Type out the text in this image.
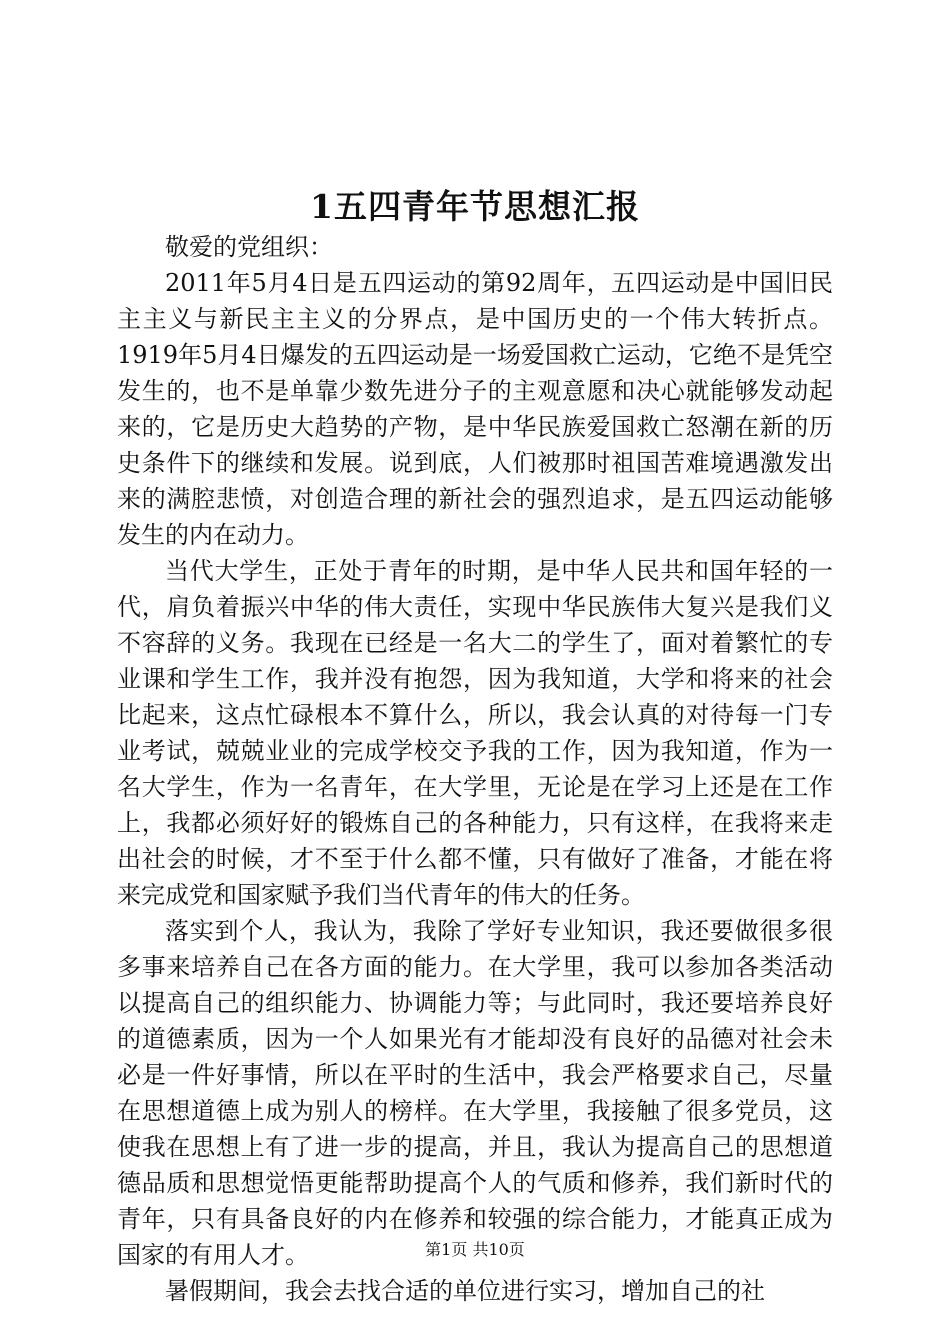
1五四青年节思想汇报

敬爱的党组织：

2011年5月4日是五四运动的第92周年，五四运动是中国旧民主主义与新民主主义的分界点，是中国历史的一个伟大转折点。1919年5月4日爆发的五四运动是一场爱国救亡运动，它绝不是凭空发生的，也不是单靠少数先进分子的主观意愿和决心就能够发动起来的，它是历史大趋势的产物，是中华民族爱国救亡怒潮在新的历史条件下的继续和发展。说到底，人们被那时祖国苦难境遇激发出来的满腔悲愤，对创造合理的新社会的强烈追求，是五四运动能够发生的内在动力。

当代大学生，正处于青年的时期，是中华人民共和国年轻的一代，肩负着振兴中华的伟大责任，实现中华民族伟大复兴是我们义不容辞的义务。我现在已经是一名大二的学生了，面对着繁忙的专业课和学生工作，我并没有抱怨，因为我知道，大学和将来的社会比起来，这点忙碌根本不算什么，所以，我会认真的对待每一门专业考试，兢兢业业的完成学校交予我的工作，因为我知道，作为一名大学生，作为一名青年，在大学里，无论是在学习上还是在工作上，我都必须好好的锻炼自己的各种能力，只有这样，在我将来走出社会的时候，才不至于什么都不懂，只有做好了准备，才能在将来完成党和国家赋予我们当代青年的伟大的任务。

落实到个人，我认为，我除了学好专业知识，我还要做很多很多事来培养自己在各方面的能力。在大学里，我可以参加各类活动以提高自己的组织能力、协调能力等；与此同时，我还要培养良好的道德素质，因为一个人如果光有才能却没有良好的品德对社会未必是一件好事情，所以在平时的生活中，我会严格要求自己，尽量在思想道德上成为别人的榜样。在大学里，我接触了很多党员，这使我在思想上有了进一步的提高，并且，我认为提高自己的思想道德品质和思想觉悟更能帮助提高个人的气质和修养，我们新时代的青年，只有具备良好的内在修养和较强的综合能力，才能真正成为国家的有用人才。

暑假期间，我会去找合适的单位进行实习，增加自己的社

第1页 共10页
